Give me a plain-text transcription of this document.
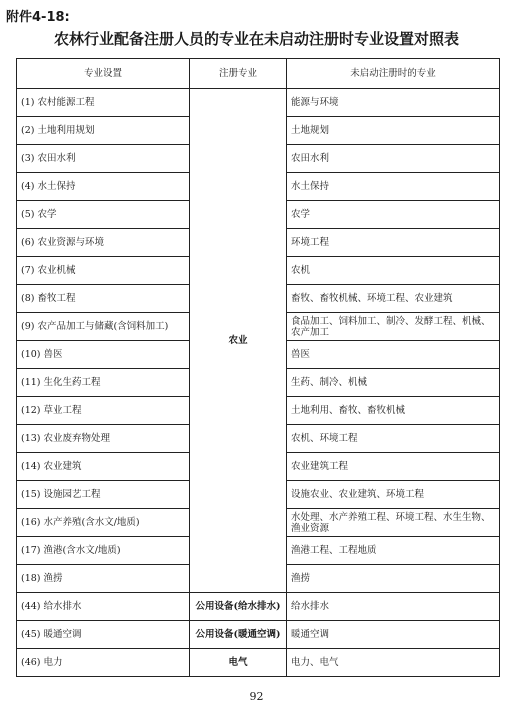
附件4-18:
农林行业配备注册人员的专业在未启动注册时专业设置对照表
专业设置	注册专业	未启动注册时的专业
(1) 农村能源工程	农业	能源与环境
(2) 土地利用规划		土地规划
(3) 农田水利		农田水利
(4) 水土保持		水土保持
(5) 农学		农学
(6) 农业资源与环境		环境工程
(7) 农业机械		农机
(8) 畜牧工程		畜牧、畜牧机械、环境工程、农业建筑
(9) 农产品加工与储藏(含饲料加工)		食品加工、饲料加工、制冷、发酵工程、机械、农产加工
(10) 兽医		兽医
(11) 生化生药工程		生药、制冷、机械
(12) 草业工程		土地利用、畜牧、畜牧机械
(13) 农业废弃物处理		农机、环境工程
(14) 农业建筑		农业建筑工程
(15) 设施园艺工程		设施农业、农业建筑、环境工程
(16) 水产养殖(含水文/地质)		水处理、水产养殖工程、环境工程、水生生物、渔业资源
(17) 渔港(含水文/地质)		渔港工程、工程地质
(18) 渔捞		渔捞
(44) 给水排水	公用设备(给水排水)	给水排水
(45) 暖通空调	公用设备(暖通空调)	暖通空调
(46) 电力	电气	电力、电气
92
